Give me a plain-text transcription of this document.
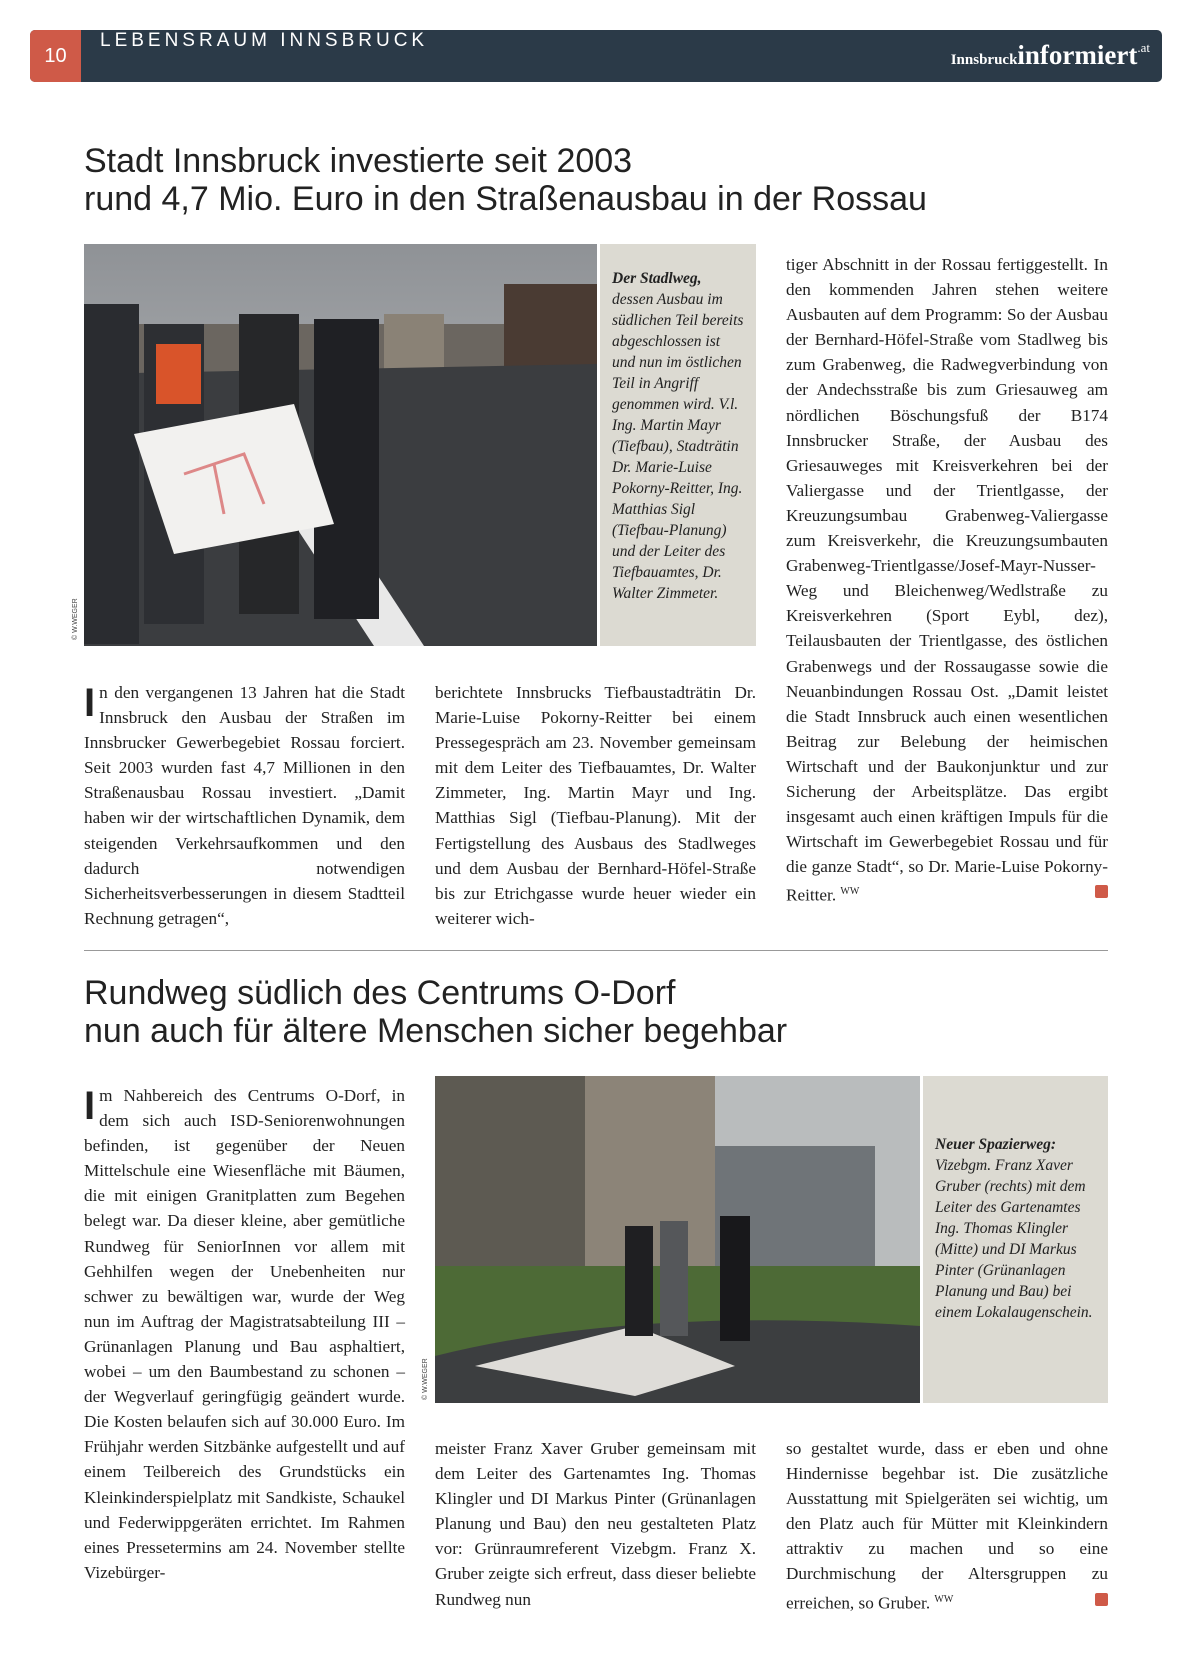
10
LEBENSRAUM INNSBRUCK
Innsbruckinformiert$^{.at}$
Stadt Innsbruck investierte seit 2003
rund 4,7 Mio. Euro in den Straßenausbau in der Rossau
© W.WEGER
Der Stadlweg,
dessen Ausbau im südlichen Teil bereits abgeschlossen ist und nun im östlichen Teil in Angriff genommen wird. V.l. Ing. Martin Mayr (Tiefbau), Stadträtin Dr. Marie-Luise Pokorny-Reitter, Ing. Matthias Sigl (Tiefbau-Planung) und der Leiter des Tiefbauamtes, Dr. Walter Zimmeter.
In den vergangenen 13 Jahren hat die Stadt Innsbruck den Ausbau der Straßen im Innsbrucker Gewerbegebiet Rossau forciert. Seit 2003 wurden fast 4,7 Millionen in den Straßenausbau Rossau investiert. „Damit haben wir der wirtschaftlichen Dynamik, dem steigenden Verkehrsaufkommen und den dadurch notwendigen Sicherheitsverbesserungen in diesem Stadtteil Rechnung getragen“,
berichtete Innsbrucks Tiefbaustadträtin Dr. Marie-Luise Pokorny-Reitter bei einem Pressegespräch am 23. November gemeinsam mit dem Leiter des Tiefbauamtes, Dr. Walter Zimmeter, Ing. Martin Mayr und Ing. Matthias Sigl (Tiefbau-Planung). Mit der Fertigstellung des Ausbaus des Stadlweges und dem Ausbau der Bernhard-Höfel-Straße bis zur Etrichgasse wurde heuer wieder ein weiterer wich-
tiger Abschnitt in der Rossau fertiggestellt. In den kommenden Jahren stehen weitere Ausbauten auf dem Programm: So der Ausbau der Bernhard-Höfel-Straße vom Stadlweg bis zum Grabenweg, die Radwegverbindung von der Andechsstraße bis zum Griesauweg am nördlichen Böschungsfuß der B174 Innsbrucker Straße, der Ausbau des Griesauweges mit Kreisverkehren bei der Valiergasse und der Trientlgasse, der Kreuzungsumbau Grabenweg-Valiergasse zum Kreisverkehr, die Kreuzungsumbauten Grabenweg-Trientlgasse/Josef-Mayr-Nusser-Weg und Bleichenweg/Wedlstraße zu Kreisverkehren (Sport Eybl, dez), Teilausbauten der Trientlgasse, des östlichen Grabenwegs und der Rossaugasse sowie die Neuanbindungen Rossau Ost. „Damit leistet die Stadt Innsbruck auch einen wesentlichen Beitrag zur Belebung der heimischen Wirtschaft und der Baukonjunktur und zur Sicherung der Arbeitsplätze. Das ergibt insgesamt auch einen kräftigen Impuls für die Wirtschaft im Gewerbegebiet Rossau und für die ganze Stadt“, so Dr. Marie-Luise Pokorny-Reitter. $^{WW}$
Rundweg südlich des Centrums O-Dorf
nun auch für ältere Menschen sicher begehbar
Im Nahbereich des Centrums O-Dorf, in dem sich auch ISD-Seniorenwohnungen befinden, ist gegenüber der Neuen Mittelschule eine Wiesenfläche mit Bäumen, die mit einigen Granitplatten zum Begehen belegt war. Da dieser kleine, aber gemütliche Rundweg für SeniorInnen vor allem mit Gehhilfen wegen der Unebenheiten nur schwer zu bewältigen war, wurde der Weg nun im Auftrag der Magistratsabteilung III – Grünanlagen Planung und Bau asphaltiert, wobei – um den Baumbestand zu schonen – der Wegverlauf geringfügig geändert wurde. Die Kosten belaufen sich auf 30.000 Euro. Im Frühjahr werden Sitzbänke aufgestellt und auf einem Teilbereich des Grundstücks ein Kleinkinderspielplatz mit Sandkiste, Schaukel und Federwippgeräten errichtet. Im Rahmen eines Pressetermins am 24. November stellte Vizebürger-
© W.WEGER
Neuer Spazierweg:
Vizebgm. Franz Xaver Gruber (rechts) mit dem Leiter des Gartenamtes Ing. Thomas Klingler (Mitte) und DI Markus Pinter (Grünanlagen Planung und Bau) bei einem Lokalaugenschein.
meister Franz Xaver Gruber gemeinsam mit dem Leiter des Gartenamtes Ing. Thomas Klingler und DI Markus Pinter (Grünanlagen Planung und Bau) den neu gestalteten Platz vor: Grünraumreferent Vizebgm. Franz X. Gruber zeigte sich erfreut, dass dieser beliebte Rundweg nun
so gestaltet wurde, dass er eben und ohne Hindernisse begehbar ist. Die zusätzliche Ausstattung mit Spielgeräten sei wichtig, um den Platz auch für Mütter mit Kleinkindern attraktiv zu machen und so eine Durchmischung der Altersgruppen zu erreichen, so Gruber. $^{WW}$
